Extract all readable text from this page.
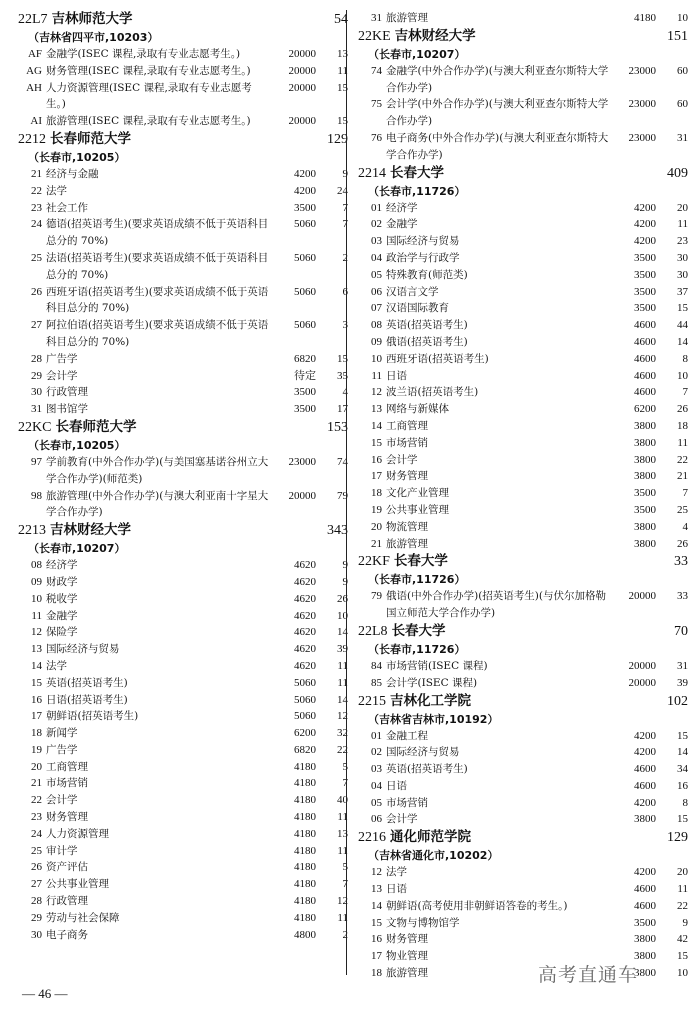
22L7 吉林师范大学	54
（吉林省四平市,10203）
AF 金融学(ISEC 课程,录取有专业志愿考生。)	20000	13
AG 财务管理(ISEC 课程,录取有专业志愿考生。)	20000	11
AH 人力资源管理(ISEC 课程,录取有专业志愿考生。)
20000	15
AI 旅游管理(ISEC 课程,录取有专业志愿考生。)	20000	15
2212 长春师范大学	129
（长春市,10205）
21 经济与金融	4200	9
22 法学	4200	24
23 社会工作	3500	7
24 德语(招英语考生)(要求英语成绩不低于英语科目总分的 70%)
5060	7
25 法语(招英语考生)(要求英语成绩不低于英语科目总分的 70%)
5060	2
26 西班牙语(招英语考生)(要求英语成绩不低于英语科目总分的 70%)
5060	6
27 阿拉伯语(招英语考生)(要求英语成绩不低于英语科目总分的 70%)
5060	3
28 广告学	6820	15
29 会计学	待定	35
30 行政管理	3500	4
31 图书馆学	3500	17
22KC 长春师范大学	153
（长春市,10205）
97 学前教育(中外合作办学)(与美国塞基诺谷州立大学合作办学)(师范类)
23000	74
98 旅游管理(中外合作办学)(与澳大利亚南十字星大学合作办学)
20000	79
2213 吉林财经大学	343
（长春市,10207）
08 经济学	4620	9
09 财政学	4620	9
10 税收学	4620	26
11 金融学	4620	10
12 保险学	4620	14
13 国际经济与贸易	4620	39
14 法学	4620	11
15 英语(招英语考生)	5060	11
16 日语(招英语考生)	5060	14
17 朝鲜语(招英语考生)	5060	12
18 新闻学	6200	32
19 广告学	6820	22
20 工商管理	4180	5
21 市场营销	4180	7
22 会计学	4180	40
23 财务管理	4180	11
24 人力资源管理	4180	13
25 审计学	4180	11
26 资产评估	4180	5
27 公共事业管理	4180	7
28 行政管理	4180	12
29 劳动与社会保障	4180	11
30 电子商务	4800	2
31 旅游管理	4180	10
22KE 吉林财经大学	151
（长春市,10207）
74 金融学(中外合作办学)(与澳大利亚查尔斯特大学合作办学)
23000	60
75 会计学(中外合作办学)(与澳大利亚查尔斯特大学合作办学)
23000	60
76 电子商务(中外合作办学)(与澳大利亚查尔斯特大学合作办学)
23000	31
2214 长春大学	409
（长春市,11726）
01 经济学	4200	20
02 金融学	4200	11
03 国际经济与贸易	4200	23
04 政治学与行政学	3500	30
05 特殊教育(师范类)	3500	30
06 汉语言文学	3500	37
07 汉语国际教育	3500	15
08 英语(招英语考生)	4600	44
09 俄语(招英语考生)	4600	14
10 西班牙语(招英语考生)	4600	8
11 日语	4600	10
12 波兰语(招英语考生)	4600	7
13 网络与新媒体	6200	26
14 工商管理	3800	18
15 市场营销	3800	11
16 会计学	3800	22
17 财务管理	3800	21
18 文化产业管理	3500	7
19 公共事业管理	3500	25
20 物流管理	3800	4
21 旅游管理	3800	26
22KF 长春大学	33
（长春市,11726）
79 俄语(中外合作办学)(招英语考生)(与伏尔加格勒国立师范大学合作办学)
20000	33
22L8 长春大学	70
（长春市,11726）
84 市场营销(ISEC 课程)	20000	31
85 会计学(ISEC 课程)	20000	39
2215 吉林化工学院	102
（吉林省吉林市,10192）
01 金融工程	4200	15
02 国际经济与贸易	4200	14
03 英语(招英语考生)	4600	34
04 日语	4600	16
05 市场营销	4200	8
06 会计学	3800	15
2216 通化师范学院	129
（吉林省通化市,10202）
12 法学	4200	20
13 日语	4600	11
14 朝鲜语(高考使用非朝鲜语答卷的考生。)	4600	22
15 文物与博物馆学	3500	9
16 财务管理	3800	42
17 物业管理	3800	15
18 旅游管理	3800	10
— 46 —
高考直通车
